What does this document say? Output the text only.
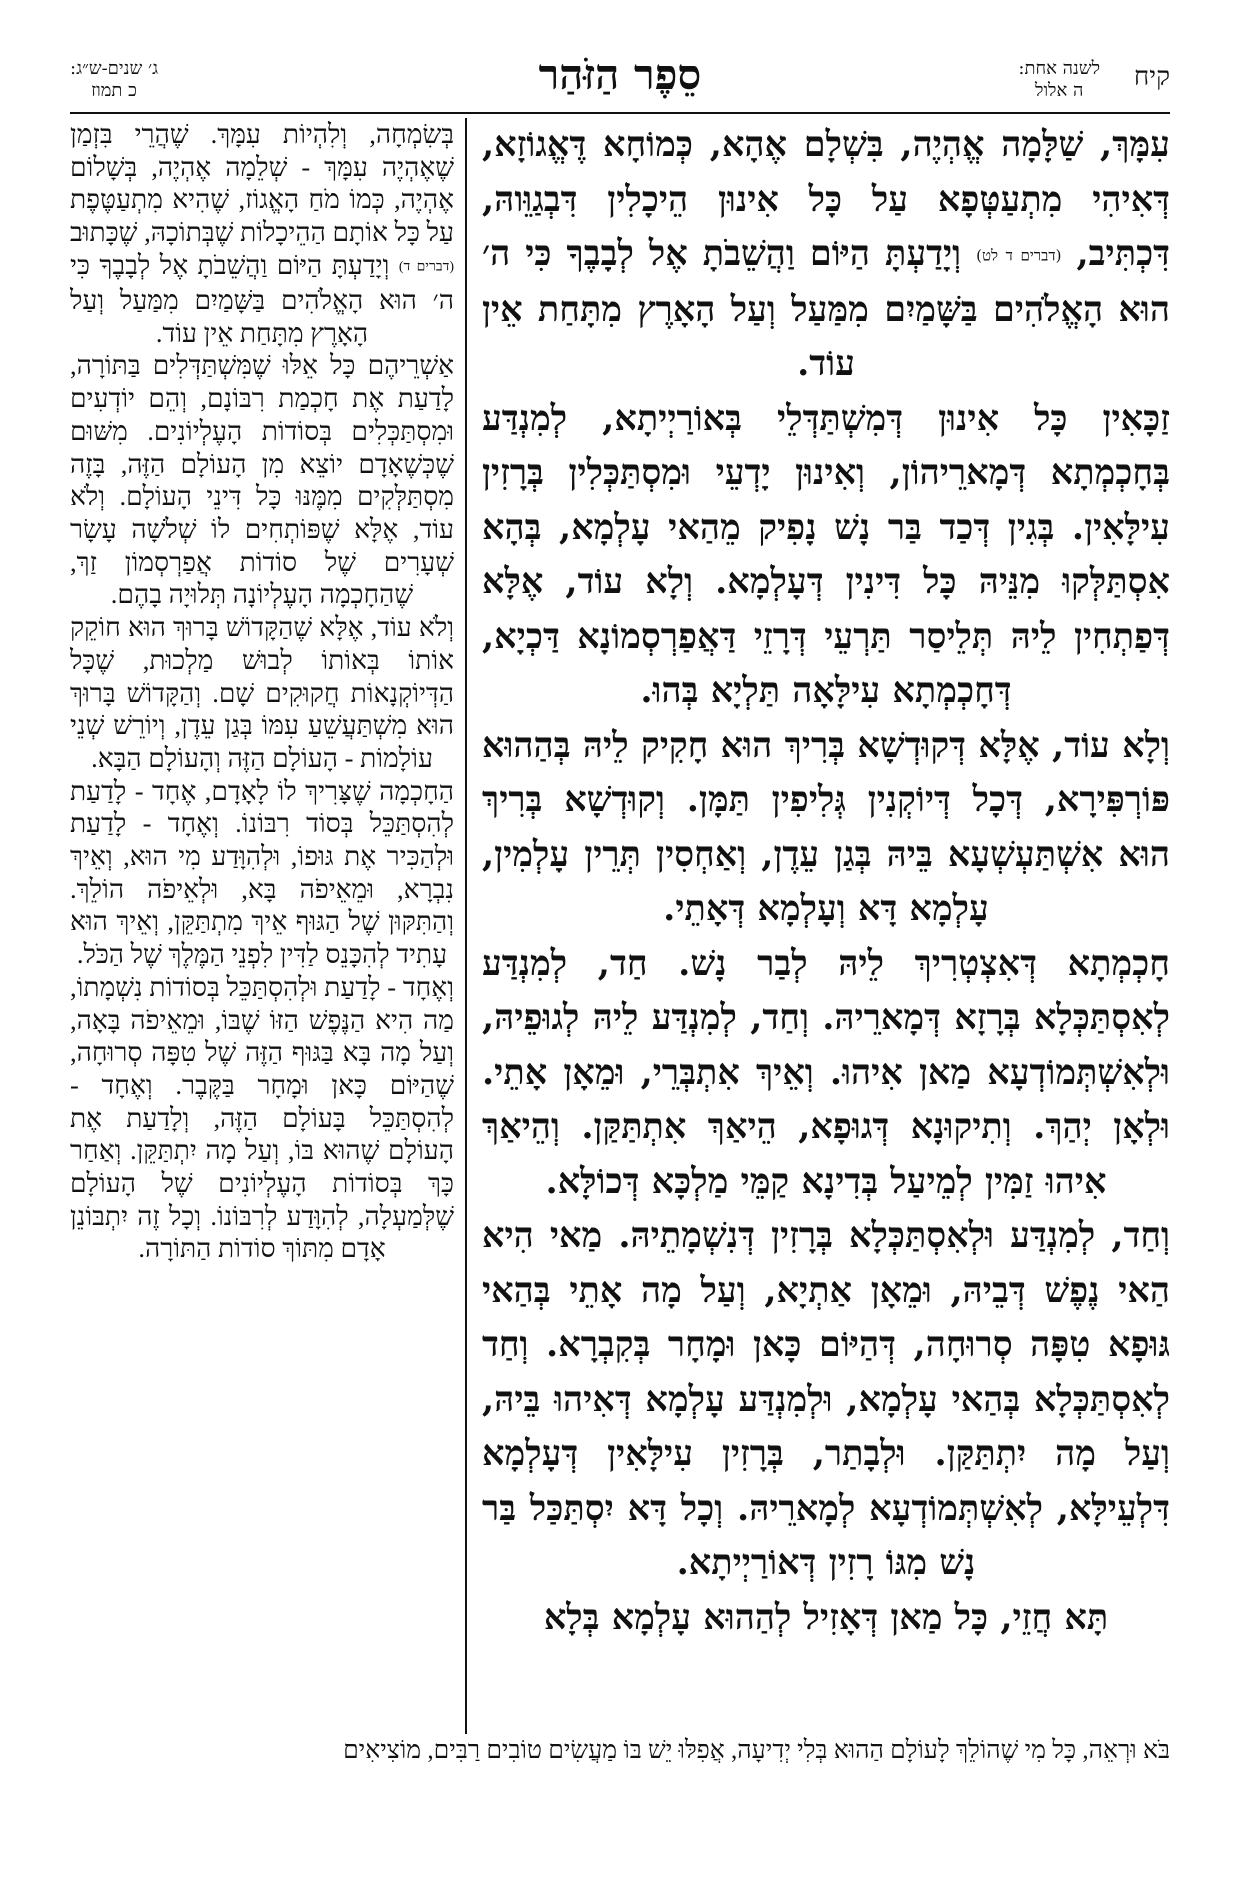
קיח
לשנה אחת:
ה אלול
סֵפֶר הַזֹּהַר
ג׳ שנים-ש״ג:
כ תמוז

עִמָּךְ, שַׁלָּמָה אֱהְיֶה, בִּשְׁלָם אֶהָא, כְּמוֹחָא דֶּאֱגוֹזָא, דְּאִיהִי מִתְעַטְּפָא עַל כָּל אִינוּן הֵיכָלִין דִּבְגַוֵּוהּ, דִּכְתִּיב, (דברים ד לט) וְיָדַעְתָּ הַיּוֹם וַהֲשֵׁבֹתָ אֶל לְבָבֶךָ כִּי ה׳ הוּא הָאֱלֹהִים בַּשָּׁמַיִם מִמַּעַל וְעַל הָאָרֶץ מִתָּחַת אֵין עוֹד.

זַכָּאִין כָּל אִינוּן דְּמִשְׁתַּדְּלֵי בְּאוֹרַיְיתָא, לְמִנְדַּע בְּחָכְמְתָא דְּמָארֵיהוֹן, וְאִינוּן יָדְעֵי וּמִסְתַּכְּלִין בְּרָזִין עִילָּאִין. בְּגִין דְּכַד בַּר נָשׁ נָפִיק מֵהַאי עָלְמָא, בְּהָא אִסְתַּלְּקוּ מִנֵּיהּ כָּל דִּינִין דְּעָלְמָא. וְלָא עוֹד, אֶלָּא דְּפַתְחִין לֵיהּ תְּלֵיסַר תַּרְעֵי דְּרָזֵי דַּאֲפַרְסְמוֹנָא דַּכְיָא, דְּחָכְמְתָא עִילָּאָה תַּלְיָא בְּהוּ.

וְלָא עוֹד, אֶלָּא דְּקוּדְשָׁא בְּרִיךְ הוּא חָקִיק לֵיהּ בְּהַהוּא פּוֹרְפִּירָא, דְּכָל דְּיוֹקְנִין גְּלִיפִין תַּמָּן. וְקוּדְשָׁא בְּרִיךְ הוּא אִשְׁתַּעְשְׁעָא בֵּיהּ בְּגַן עֵדֶן, וְאַחְסִין תְּרֵין עָלְמִין, עָלְמָא דָּא וְעָלְמָא דְּאָתֵי.

חָכְמְתָא דְּאִצְטְרִיךְ לֵיהּ לְבַר נָשׁ. חַד, לְמִנְדַּע לְאִסְתַּכְּלָא בְּרָזָא דְּמָארֵיהּ. וְחַד, לְמִנְדַּע לֵיהּ לְגוּפֵיהּ, וּלְאִשְׁתְּמוֹדְעָא מַאן אִיהוּ. וְאֵיךְ אִתְבְּרֵי, וּמֵאָן אָתֵי. וּלְאָן יְהַךְ. וְתִיקוּנָא דְּגוּפָא, הֵיאַךְ אִתְתַּקַּן. וְהֵיאַךְ אִיהוּ זַמִּין לְמֵיעַל בְּדִינָא קַמֵּי מַלְכָּא דְּכוֹלָּא.

וְחַד, לְמִנְדַּע וּלְאִסְתַּכְּלָא בְּרָזִין דְּנִשְׁמָתֵיהּ. מַאי הִיא הַאי נֶפֶשׁ דְּבֵיהּ, וּמֵאָן אַתְיָא, וְעַל מָה אָתֵי בְּהַאי גּוּפָא טִפָּה סְרוּחָה, דְּהַיּוֹם כָּאן וּמָחָר בְּקִבְרָא. וְחַד לְאִסְתַּכְּלָא בְּהַאי עָלְמָא, וּלְמִנְדַּע עָלְמָא דְּאִיהוּ בֵּיהּ, וְעַל מָה יִתְתַּקַּן. וּלְבָתַר, בְּרָזִין עִילָּאִין דְּעָלְמָא דִּלְעֵילָּא, לְאִשְׁתְּמוֹדְעָא לְמָארֵיהּ. וְכָל דָּא יִסְתַּכַּל בַּר נָשׁ מִגּוֹ רָזִין דְּאוֹרַיְיתָא.

תָּא חֲזֵי, כָּל מַאן דְּאָזִיל לְהַהוּא עָלְמָא בְּלָא

בְּשִׂמְחָה, וְלִהְיוֹת עִמָּךְ. שֶׁהֲרֵי בִּזְמַן שֶׁאֶהְיֶה עִמָּךְ - שְׁלֵמָה אֶהְיֶה, בְּשָׁלוֹם אֶהְיֶה, כְּמוֹ מֹחַ הָאֱגוֹז, שֶׁהִיא מִתְעַטֶּפֶת עַל כָּל אוֹתָם הַהֵיכָלוֹת שֶׁבְּתוֹכָהּ, שֶׁכָּתוּב (דברים ד) וְיָדַעְתָּ הַיּוֹם וַהֲשֵׁבֹתָ אֶל לְבָבֶךָ כִּי ה׳ הוּא הָאֱלֹהִים בַּשָּׁמַיִם מִמַּעַל וְעַל הָאָרֶץ מִתָּחַת אֵין עוֹד.

אַשְׁרֵיהֶם כָּל אֵלּוּ שֶׁמִּשְׁתַּדְּלִים בַּתּוֹרָה, לָדַעַת אֶת חָכְמַת רִבּוֹנָם, וְהֵם יוֹדְעִים וּמִסְתַּכְּלִים בְּסוֹדוֹת הָעֶלְיוֹנִים. מִשּׁוּם שֶׁכְּשֶׁאָדָם יוֹצֵא מִן הָעוֹלָם הַזֶּה, בָּזֶה מִסְתַּלְּקִים מִמֶּנּוּ כָּל דִּינֵי הָעוֹלָם. וְלֹא עוֹד, אֶלָּא שֶׁפּוֹתְחִים לוֹ שְׁלֹשָׁה עָשָׂר שְׁעָרִים שֶׁל סוֹדוֹת אֲפַרְסְמוֹן זַךְ, שֶׁהַחָכְמָה הָעֶלְיוֹנָה תְּלוּיָה בָהֶם.

וְלֹא עוֹד, אֶלָּא שֶׁהַקָּדוֹשׁ בָּרוּךְ הוּא חוֹקֵק אוֹתוֹ בְּאוֹתוֹ לְבוּשׁ מַלְכוּת, שֶׁכָּל הַדְּיוֹקְנָאוֹת חֲקוּקִים שָׁם. וְהַקָּדוֹשׁ בָּרוּךְ הוּא מִשְׁתַּעֲשֵׁעַ עִמּוֹ בְּגַן עֵדֶן, וְיוֹרֵשׁ שְׁנֵי עוֹלָמוֹת - הָעוֹלָם הַזֶּה וְהָעוֹלָם הַבָּא.

הַחָכְמָה שֶׁצָּרִיךְ לוֹ לָאָדָם, אֶחָד - לָדַעַת לְהִסְתַּכֵּל בְּסוֹד רִבּוֹנוֹ. וְאֶחָד - לָדַעַת וּלְהַכִּיר אֶת גּוּפוֹ, וּלְהִוָּדַע מִי הוּא, וְאֵיךְ נִבְרָא, וּמֵאֵיפֹה בָּא, וּלְאֵיפֹה הוֹלֵךְ. וְהַתִּקּוּן שֶׁל הַגּוּף אֵיךְ מִתְתַּקֵּן, וְאֵיךְ הוּא עָתִיד לְהִכָּנֵס לַדִּין לִפְנֵי הַמֶּלֶךְ שֶׁל הַכֹּל.

וְאֶחָד - לָדַעַת וּלְהִסְתַּכֵּל בְּסוֹדוֹת נִשְׁמָתוֹ, מַה הִיא הַנֶּפֶשׁ הַזּוֹ שֶׁבּוֹ, וּמֵאֵיפֹה בָּאָה, וְעַל מָה בָּא בַּגּוּף הַזֶּה שֶׁל טִפָּה סְרוּחָה, שֶׁהַיּוֹם כָּאן וּמָחָר בַּקֶּבֶר. וְאֶחָד - לְהִסְתַּכֵּל בָּעוֹלָם הַזֶּה, וְלָדַעַת אֶת הָעוֹלָם שֶׁהוּא בּוֹ, וְעַל מָה יִתְתַּקֵּן. וְאַחַר כָּךְ בְּסוֹדוֹת הָעֶלְיוֹנִים שֶׁל הָעוֹלָם שֶׁלְּמַעְלָה, לְהִוָּדַע לְרִבּוֹנוֹ. וְכָל זֶה יִתְבּוֹנֵן אָדָם מִתּוֹךְ סוֹדוֹת הַתּוֹרָה.

בֹּא וּרְאֵה, כָּל מִי שֶׁהוֹלֵךְ לָעוֹלָם הַהוּא בְּלִי יְדִיעָה, אֲפִלּוּ יֵשׁ בּוֹ מַעֲשִׂים טוֹבִים רַבִּים, מוֹצִיאִים
